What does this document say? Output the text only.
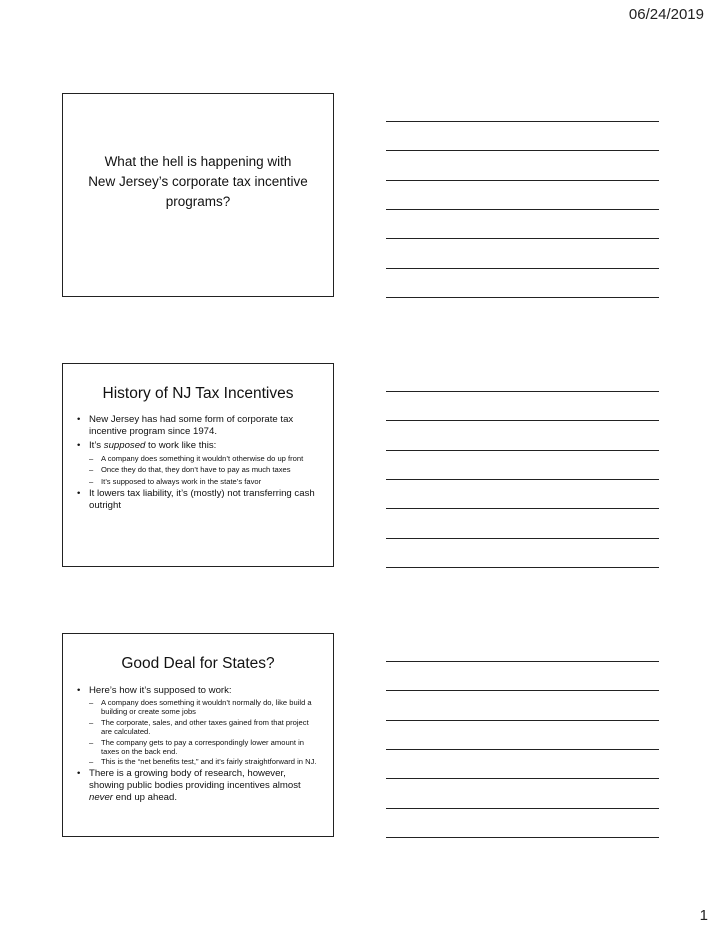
06/24/2019
What the hell is happening with
New Jersey’s corporate tax incentive
programs?
History of NJ Tax Incentives
• New Jersey has had some form of corporate tax incentive program since 1974.
• It’s supposed to work like this:
– A company does something it wouldn’t otherwise do up front
– Once they do that, they don’t have to pay as much taxes
– It’s supposed to always work in the state’s favor
• It lowers tax liability, it’s (mostly) not transferring cash outright
Good Deal for States?
• Here’s how it’s supposed to work:
– A company does something it wouldn’t normally do, like build a building or create some jobs
– The corporate, sales, and other taxes gained from that project are calculated.
– The company gets to pay a correspondingly lower amount in taxes on the back end.
– This is the “net benefits test,” and it’s fairly straightforward in NJ.
• There is a growing body of research, however, showing public bodies providing incentives almost never end up ahead.
1
